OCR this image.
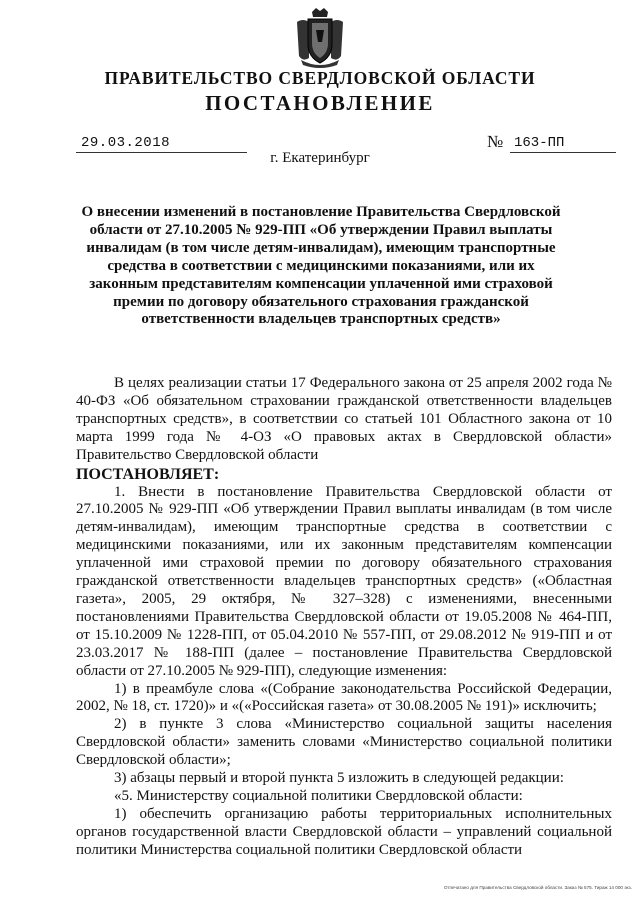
ПРАВИТЕЛЬСТВО СВЕРДЛОВСКОЙ ОБЛАСТИ
ПОСТАНОВЛЕНИЕ
29.03.2018	№ 163-ПП
г. Екатеринбург

О внесении изменений в постановление Правительства Свердловской области от 27.10.2005 № 929-ПП «Об утверждении Правил выплаты инвалидам (в том числе детям-инвалидам), имеющим транспортные средства в соответствии с медицинскими показаниями, или их законным представителям компенсации уплаченной ими страховой премии по договору обязательного страхования гражданской ответственности владельцев транспортных средств»

В целях реализации статьи 17 Федерального закона от 25 апреля 2002 года № 40-ФЗ «Об обязательном страховании гражданской ответственности владельцев транспортных средств», в соответствии со статьей 101 Областного закона от 10 марта 1999 года № 4-ОЗ «О правовых актах в Свердловской области» Правительство Свердловской области

ПОСТАНОВЛЯЕТ:

1. Внести в постановление Правительства Свердловской области от 27.10.2005 № 929-ПП «Об утверждении Правил выплаты инвалидам (в том числе детям-инвалидам), имеющим транспортные средства в соответствии с медицинскими показаниями, или их законным представителям компенсации уплаченной ими страховой премии по договору обязательного страхования гражданской ответственности владельцев транспортных средств» («Областная газета», 2005, 29 октября, № 327–328) с изменениями, внесенными постановлениями Правительства Свердловской области от 19.05.2008 № 464-ПП, от 15.10.2009 № 1228-ПП, от 05.04.2010 № 557-ПП, от 29.08.2012 № 919-ПП и от 23.03.2017 № 188-ПП (далее – постановление Правительства Свердловской области от 27.10.2005 № 929-ПП), следующие изменения:

1) в преамбуле слова «(Собрание законодательства Российской Федерации, 2002, № 18, ст. 1720)» и «(«Российская газета» от 30.08.2005 № 191)» исключить;

2) в пункте 3 слова «Министерство социальной защиты населения Свердловской области» заменить словами «Министерство социальной политики Свердловской области»;

3) абзацы первый и второй пункта 5 изложить в следующей редакции:

«5. Министерству социальной политики Свердловской области:

1) обеспечить организацию работы территориальных исполнительных органов государственной власти Свердловской области – управлений социальной политики Министерства социальной политики Свердловской области

Отпечатано для Правительства Свердловской области. Заказ № 575. Тираж 14 000 экз.
